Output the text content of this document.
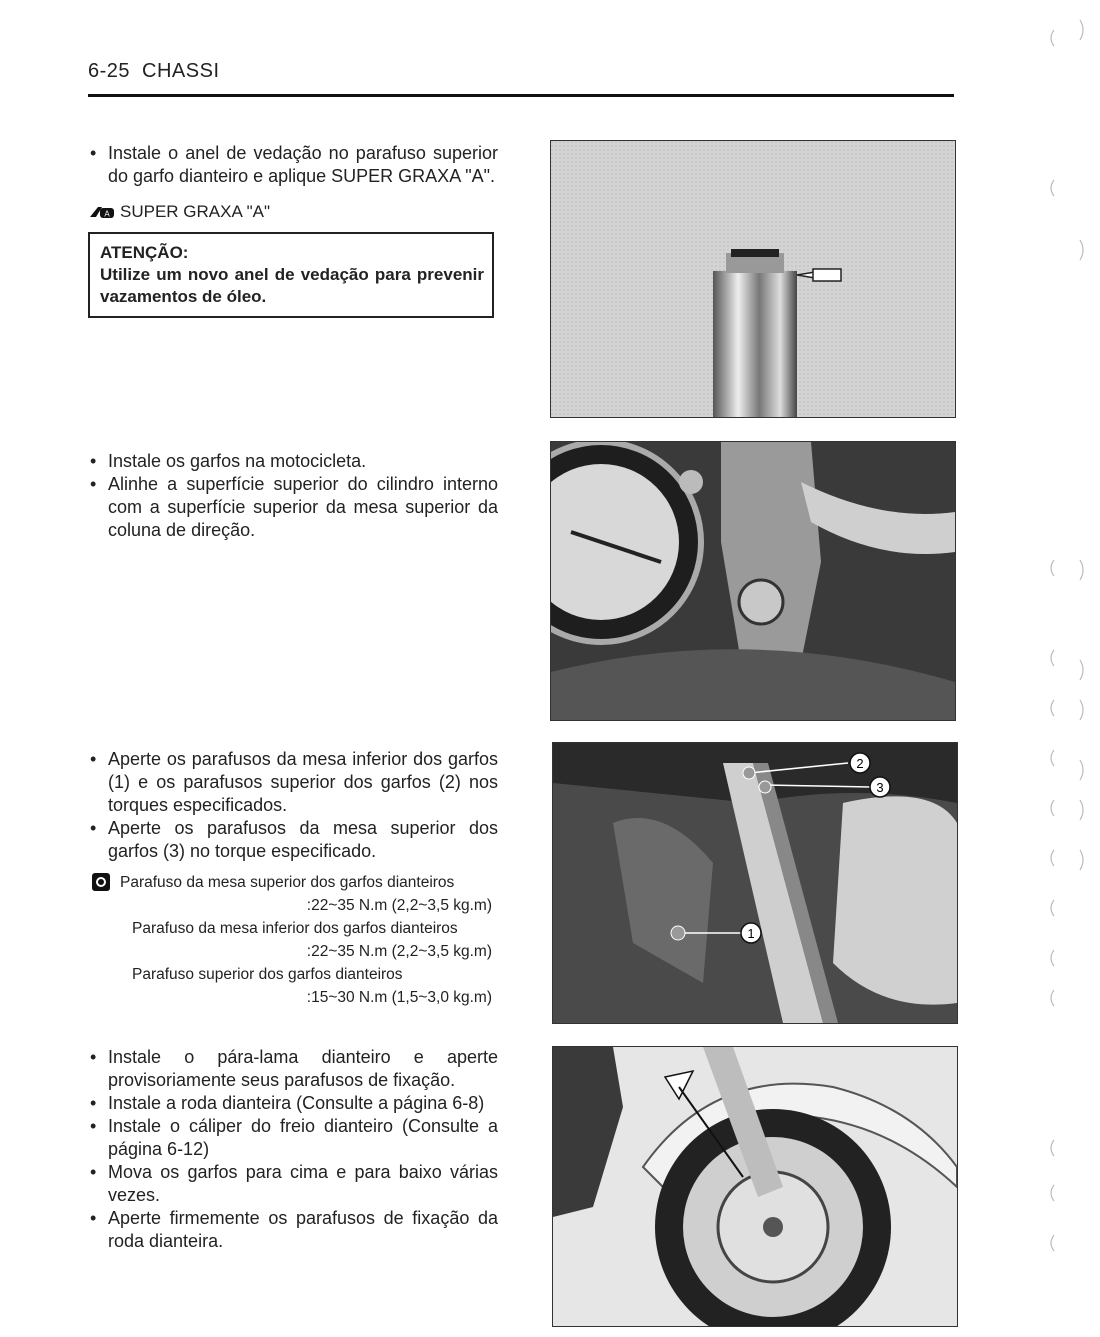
6-25 CHASSI
• Instale o anel de vedação no parafuso superior do garfo dianteiro e aplique SUPER GRAXA "A".
A SUPER GRAXA "A"
ATENÇÃO:
Utilize um novo anel de vedação para prevenir vazamentos de óleo.
• Instale os garfos na motocicleta.
• Alinhe a superfície superior do cilindro interno com a superfície superior da mesa superior da coluna de direção.
• Aperte os parafusos da mesa inferior dos garfos (1) e os parafusos superior dos garfos (2) nos torques especificados.
• Aperte os parafusos da mesa superior dos garfos (3) no torque especificado.
Parafuso da mesa superior dos garfos dianteiros
:22~35 N.m (2,2~3,5 kg.m)
Parafuso da mesa inferior dos garfos dianteiros
:22~35 N.m (2,2~3,5 kg.m)
Parafuso superior dos garfos dianteiros
:15~30 N.m (1,5~3,0 kg.m)
• Instale o pára-lama dianteiro e aperte provisoriamente seus parafusos de fixação.
• Instale a roda dianteira (Consulte a página 6-8)
• Instale o cáliper do freio dianteiro (Consulte a página 6-12)
• Mova os garfos para cima e para baixo várias vezes.
• Aperte firmemente os parafusos de fixação da roda dianteira.
2
3
1
